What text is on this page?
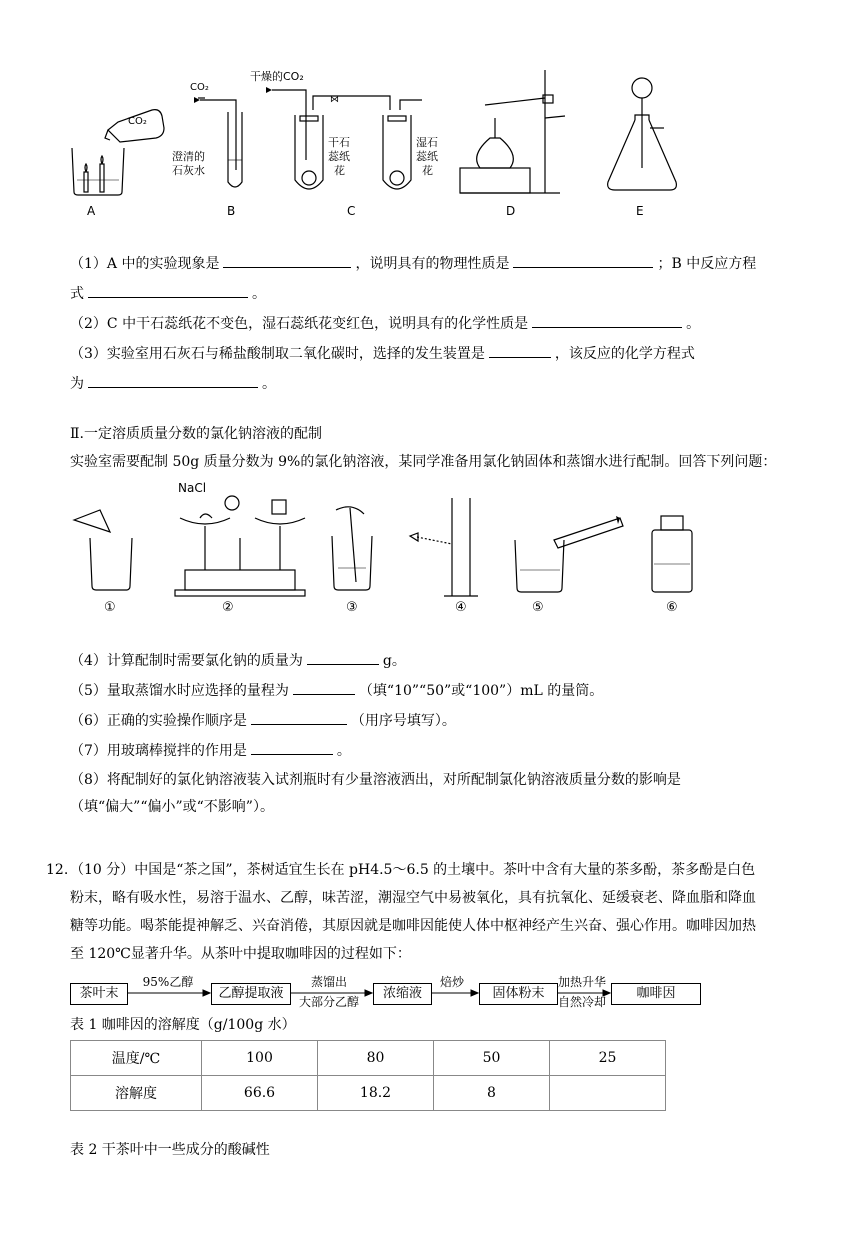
⋈
CO₂
CO₂
干燥的CO₂
澄清的
石灰水
干石
蕊纸
花
湿石
蕊纸
花
A	B	C	D	E
（1）A 中的实验现象是	，说明具有的物理性质是	；B 中反应方程
式	。
（2）C 中干石蕊纸花不变色，湿石蕊纸花变红色，说明具有的化学性质是	。
（3）实验室用石灰石与稀盐酸制取二氧化碳时，选择的发生装置是	，该反应的化学方程式
为	。
Ⅱ.一定溶质质量分数的氯化钠溶液的配制
实验室需要配制 50g 质量分数为 9%的氯化钠溶液，某同学准备用氯化钠固体和蒸馏水进行配制。回答下列问题：
NaCl
①	②	③	④	⑤	⑥
（4）计算配制时需要氯化钠的质量为	g。
（5）量取蒸馏水时应选择的量程为	（填“10”“50”或“100”）mL 的量筒。
（6）正确的实验操作顺序是	（用序号填写）。
（7）用玻璃棒搅拌的作用是	。
（8）将配制好的氯化钠溶液装入试剂瓶时有少量溶液洒出，对所配制氯化钠溶液质量分数的影响是
（填“偏大”“偏小”或“不影响”）。
12. （10 分）中国是“茶之国”，茶树适宜生长在 pH4.5～6.5 的土壤中。茶叶中含有大量的茶多酚，茶多酚是白色
粉末，略有吸水性，易溶于温水、乙醇，味苦涩，潮湿空气中易被氧化，具有抗氧化、延缓衰老、降血脂和降血
糖等功能。喝茶能提神解乏、兴奋消倦，其原因就是咖啡因能使人体中枢神经产生兴奋、强心作用。咖啡因加热
至 120℃显著升华。从茶叶中提取咖啡因的过程如下：
茶叶末	乙醇提取液	浓缩液	固体粉末	咖啡因
95%乙醇	蒸馏出
大部分乙醇
焙炒	加热升华
自然冷却
表 1 咖啡因的溶解度（g/100g 水）
温度/℃	100	80	50	25
溶解度	66.6	18.2	8	
表 2 干茶叶中一些成分的酸碱性
